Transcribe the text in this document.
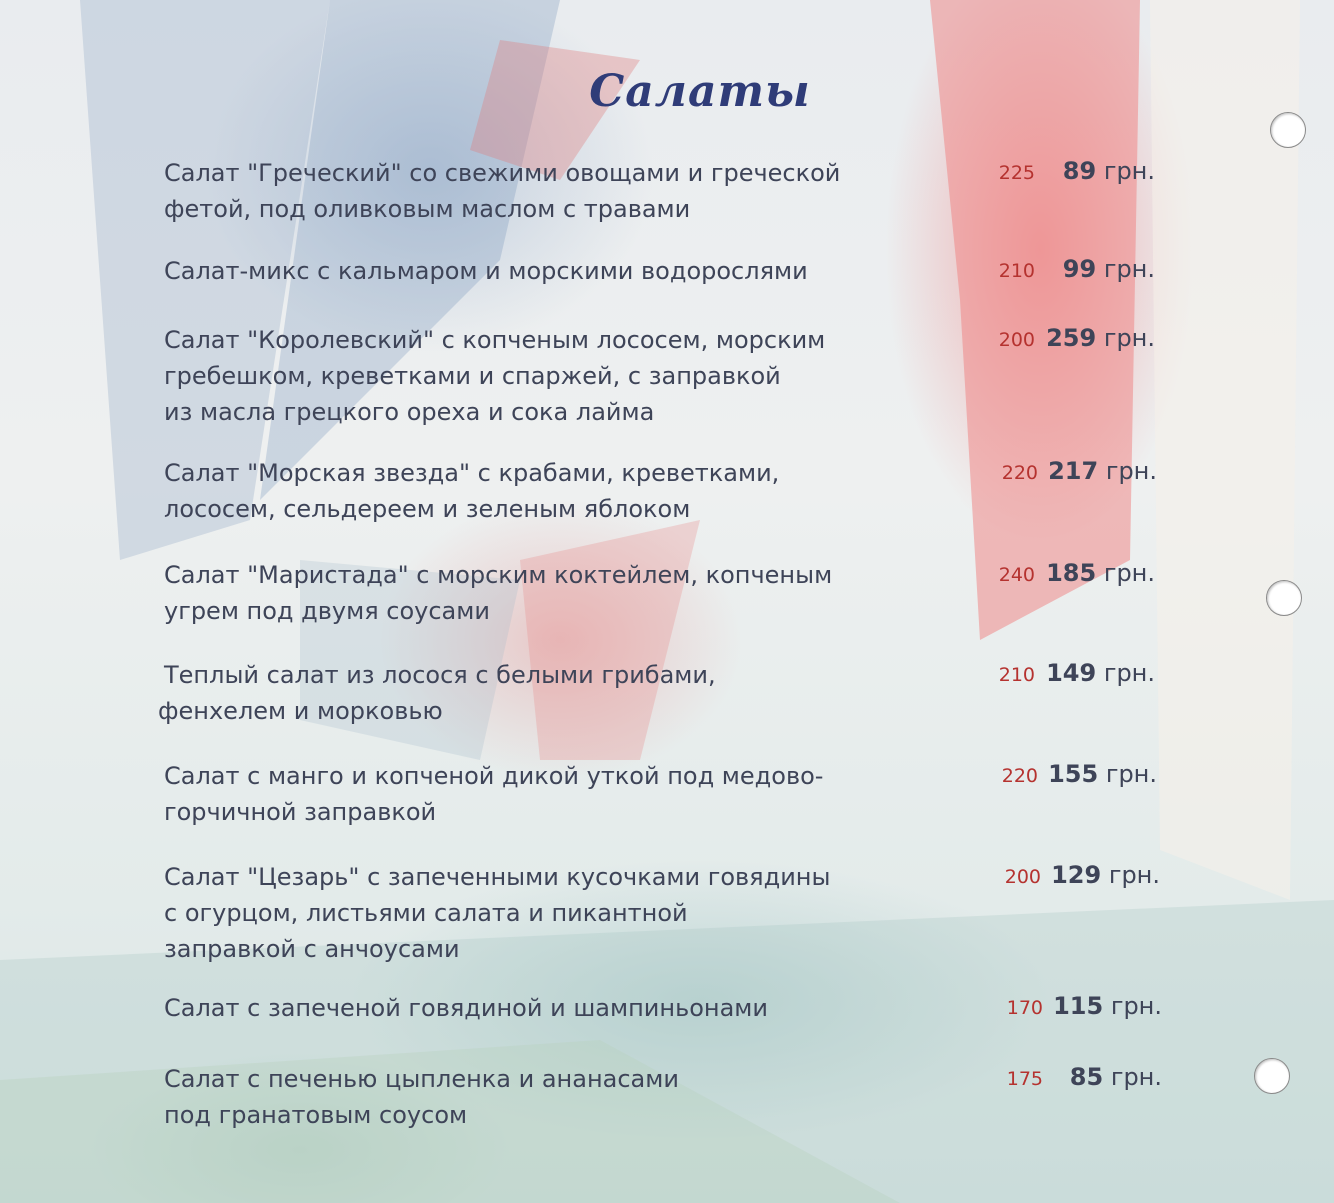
Салаты
Салат "Греческий" со свежими овощами и греческой
фетой, под оливковым маслом с травами
225	89 грн.
Салат-микс с кальмаром и морскими водорослями	210	99 грн.
Салат "Королевский" с копченым лососем, морским
гребешком, креветками и спаржей, с заправкой
из масла грецкого ореха и сока лайма
200 259 грн.
Салат "Морская звезда" с крабами, креветками,
лососем, сельдереем и зеленым яблоком
220 217 грн.
Салат "Маристада" с морским коктейлем, копченым
угрем под двумя соусами
240 185 грн.
Теплый салат из лосося с белыми грибами,
фенхелем и морковью
210 149 грн.
Салат с манго и копченой дикой уткой под медово-
горчичной заправкой
220 155 грн.
Салат "Цезарь" с запеченными кусочками говядины
с огурцом, листьями салата и пикантной
заправкой с анчоусами
200 129 грн.
Салат с запеченой говядиной и шампиньонами	170 115 грн.
Салат с печенью цыпленка и ананасами
под гранатовым соусом
175	85 грн.
